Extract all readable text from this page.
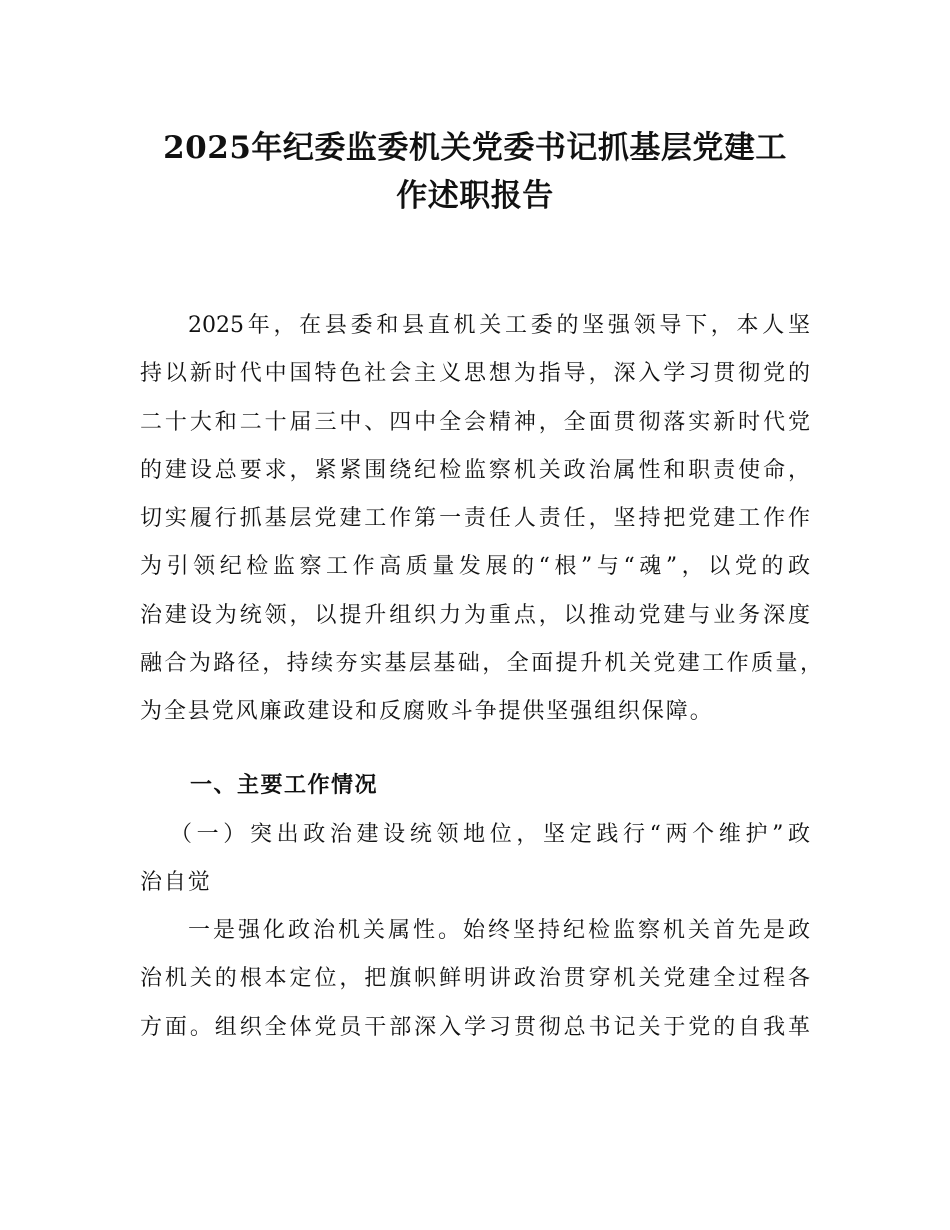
2025年纪委监委机关党委书记抓基层党建工
作述职报告
2025年，在县委和县直机关工委的坚强领导下，本人坚
持以新时代中国特色社会主义思想为指导，深入学习贯彻党的
二十大和二十届三中、四中全会精神，全面贯彻落实新时代党
的建设总要求，紧紧围绕纪检监察机关政治属性和职责使命，
切实履行抓基层党建工作第一责任人责任，坚持把党建工作作
为引领纪检监察工作高质量发展的“根”与“魂”，以党的政
治建设为统领，以提升组织力为重点，以推动党建与业务深度
融合为路径，持续夯实基层基础，全面提升机关党建工作质量，
为全县党风廉政建设和反腐败斗争提供坚强组织保障。
一、主要工作情况
（一）突出政治建设统领地位，坚定践行“两个维护”政
治自觉
一是强化政治机关属性。始终坚持纪检监察机关首先是政
治机关的根本定位，把旗帜鲜明讲政治贯穿机关党建全过程各
方面。组织全体党员干部深入学习贯彻总书记关于党的自我革
